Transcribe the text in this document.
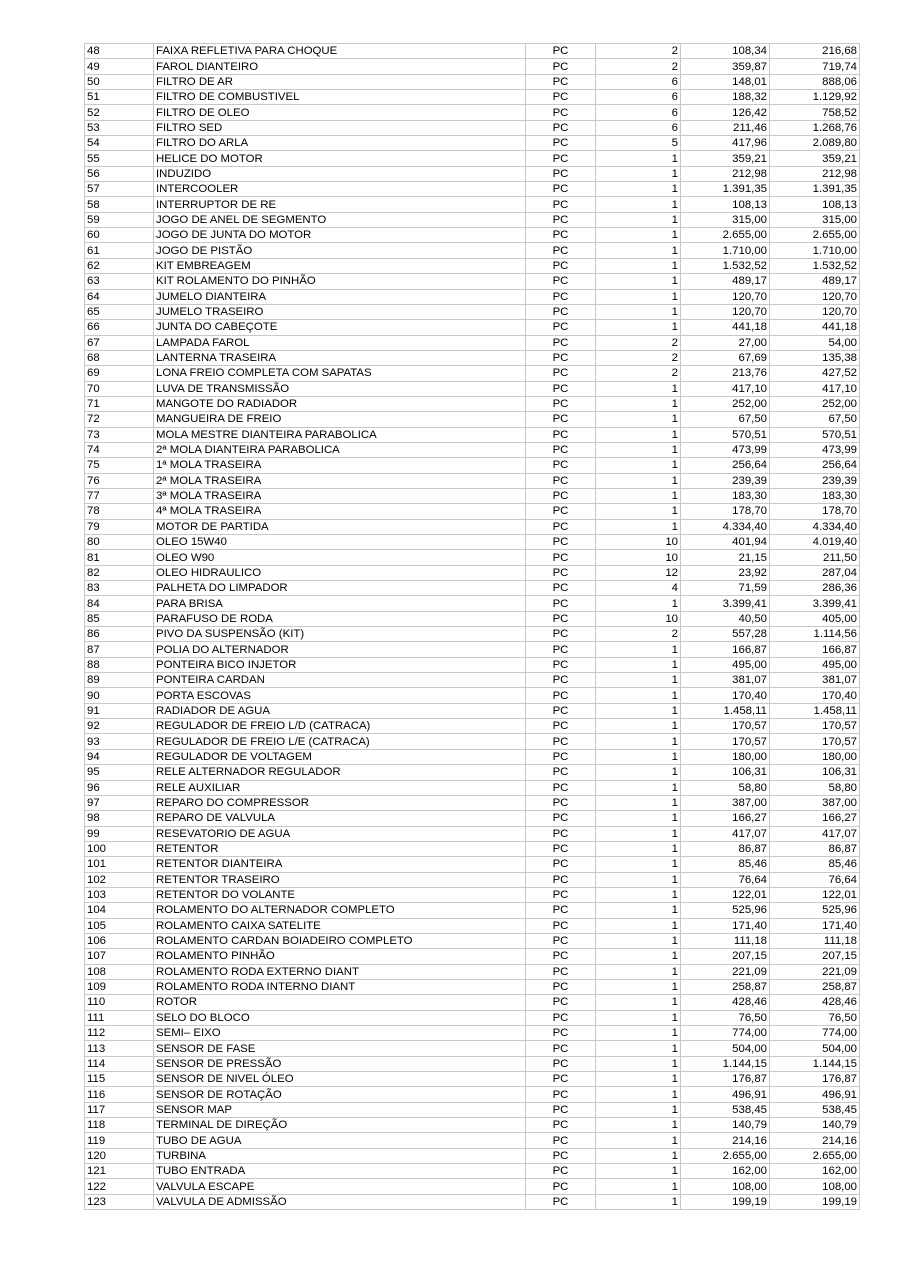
48	FAIXA REFLETIVA PARA CHOQUE	PC	2	108,34	216,68
49	FAROL DIANTEIRO	PC	2	359,87	719,74
50	FILTRO DE AR	PC	6	148,01	888,06
51	FILTRO DE COMBUSTIVEL	PC	6	188,32	1.129,92
52	FILTRO DE OLEO	PC	6	126,42	758,52
53	FILTRO SED	PC	6	211,46	1.268,76
54	FILTRO DO ARLA	PC	5	417,96	2.089,80
55	HELICE DO MOTOR	PC	1	359,21	359,21
56	INDUZIDO	PC	1	212,98	212,98
57	INTERCOOLER	PC	1	1.391,35	1.391,35
58	INTERRUPTOR DE RE	PC	1	108,13	108,13
59	JOGO DE ANEL DE SEGMENTO	PC	1	315,00	315,00
60	JOGO DE JUNTA DO MOTOR	PC	1	2.655,00	2.655,00
61	JOGO DE PISTÃO	PC	1	1.710,00	1.710,00
62	KIT EMBREAGEM	PC	1	1.532,52	1.532,52
63	KIT ROLAMENTO DO PINHÃO	PC	1	489,17	489,17
64	JUMELO DIANTEIRA	PC	1	120,70	120,70
65	JUMELO TRASEIRO	PC	1	120,70	120,70
66	JUNTA DO CABEÇOTE	PC	1	441,18	441,18
67	LAMPADA FAROL	PC	2	27,00	54,00
68	LANTERNA TRASEIRA	PC	2	67,69	135,38
69	LONA FREIO COMPLETA COM SAPATAS	PC	2	213,76	427,52
70	LUVA DE TRANSMISSÃO	PC	1	417,10	417,10
71	MANGOTE DO RADIADOR	PC	1	252,00	252,00
72	MANGUEIRA DE FREIO	PC	1	67,50	67,50
73	MOLA MESTRE DIANTEIRA PARABOLICA	PC	1	570,51	570,51
74	2ª MOLA DIANTEIRA PARABOLICA	PC	1	473,99	473,99
75	1ª MOLA TRASEIRA	PC	1	256,64	256,64
76	2ª MOLA TRASEIRA	PC	1	239,39	239,39
77	3ª MOLA TRASEIRA	PC	1	183,30	183,30
78	4ª MOLA TRASEIRA	PC	1	178,70	178,70
79	MOTOR DE PARTIDA	PC	1	4.334,40	4.334,40
80	OLEO 15W40	PC	10	401,94	4.019,40
81	OLEO W90	PC	10	21,15	211,50
82	OLEO HIDRAULICO	PC	12	23,92	287,04
83	PALHETA DO LIMPADOR	PC	4	71,59	286,36
84	PARA BRISA	PC	1	3.399,41	3.399,41
85	PARAFUSO DE RODA	PC	10	40,50	405,00
86	PIVO DA SUSPENSÃO (KIT)	PC	2	557,28	1.114,56
87	POLIA DO ALTERNADOR	PC	1	166,87	166,87
88	PONTEIRA BICO INJETOR	PC	1	495,00	495,00
89	PONTEIRA CARDAN	PC	1	381,07	381,07
90	PORTA ESCOVAS	PC	1	170,40	170,40
91	RADIADOR DE AGUA	PC	1	1.458,11	1.458,11
92	REGULADOR DE FREIO L/D (CATRACA)	PC	1	170,57	170,57
93	REGULADOR DE FREIO L/E (CATRACA)	PC	1	170,57	170,57
94	REGULADOR DE VOLTAGEM	PC	1	180,00	180,00
95	RELE ALTERNADOR REGULADOR	PC	1	106,31	106,31
96	RELE AUXILIAR	PC	1	58,80	58,80
97	REPARO DO COMPRESSOR	PC	1	387,00	387,00
98	REPARO DE VALVULA	PC	1	166,27	166,27
99	RESEVATORIO DE AGUA	PC	1	417,07	417,07
100	RETENTOR	PC	1	86,87	86,87
101	RETENTOR DIANTEIRA	PC	1	85,46	85,46
102	RETENTOR TRASEIRO	PC	1	76,64	76,64
103	RETENTOR DO VOLANTE	PC	1	122,01	122,01
104	ROLAMENTO DO ALTERNADOR COMPLETO	PC	1	525,96	525,96
105	ROLAMENTO CAIXA SATELITE	PC	1	171,40	171,40
106	ROLAMENTO CARDAN BOIADEIRO COMPLETO	PC	1	111,18	111,18
107	ROLAMENTO PINHÃO	PC	1	207,15	207,15
108	ROLAMENTO RODA EXTERNO DIANT	PC	1	221,09	221,09
109	ROLAMENTO RODA INTERNO DIANT	PC	1	258,87	258,87
110	ROTOR	PC	1	428,46	428,46
111	SELO DO BLOCO	PC	1	76,50	76,50
112	SEMI– EIXO	PC	1	774,00	774,00
113	SENSOR DE FASE	PC	1	504,00	504,00
114	SENSOR DE PRESSÃO	PC	1	1.144,15	1.144,15
115	SENSOR DE NIVEL ÓLEO	PC	1	176,87	176,87
116	SENSOR DE ROTAÇÃO	PC	1	496,91	496,91
117	SENSOR MAP	PC	1	538,45	538,45
118	TERMINAL DE DIREÇÃO	PC	1	140,79	140,79
119	TUBO DE AGUA	PC	1	214,16	214,16
120	TURBINA	PC	1	2.655,00	2.655,00
121	TUBO ENTRADA	PC	1	162,00	162,00
122	VALVULA ESCAPE	PC	1	108,00	108,00
123	VALVULA DE ADMISSÃO	PC	1	199,19	199,19
